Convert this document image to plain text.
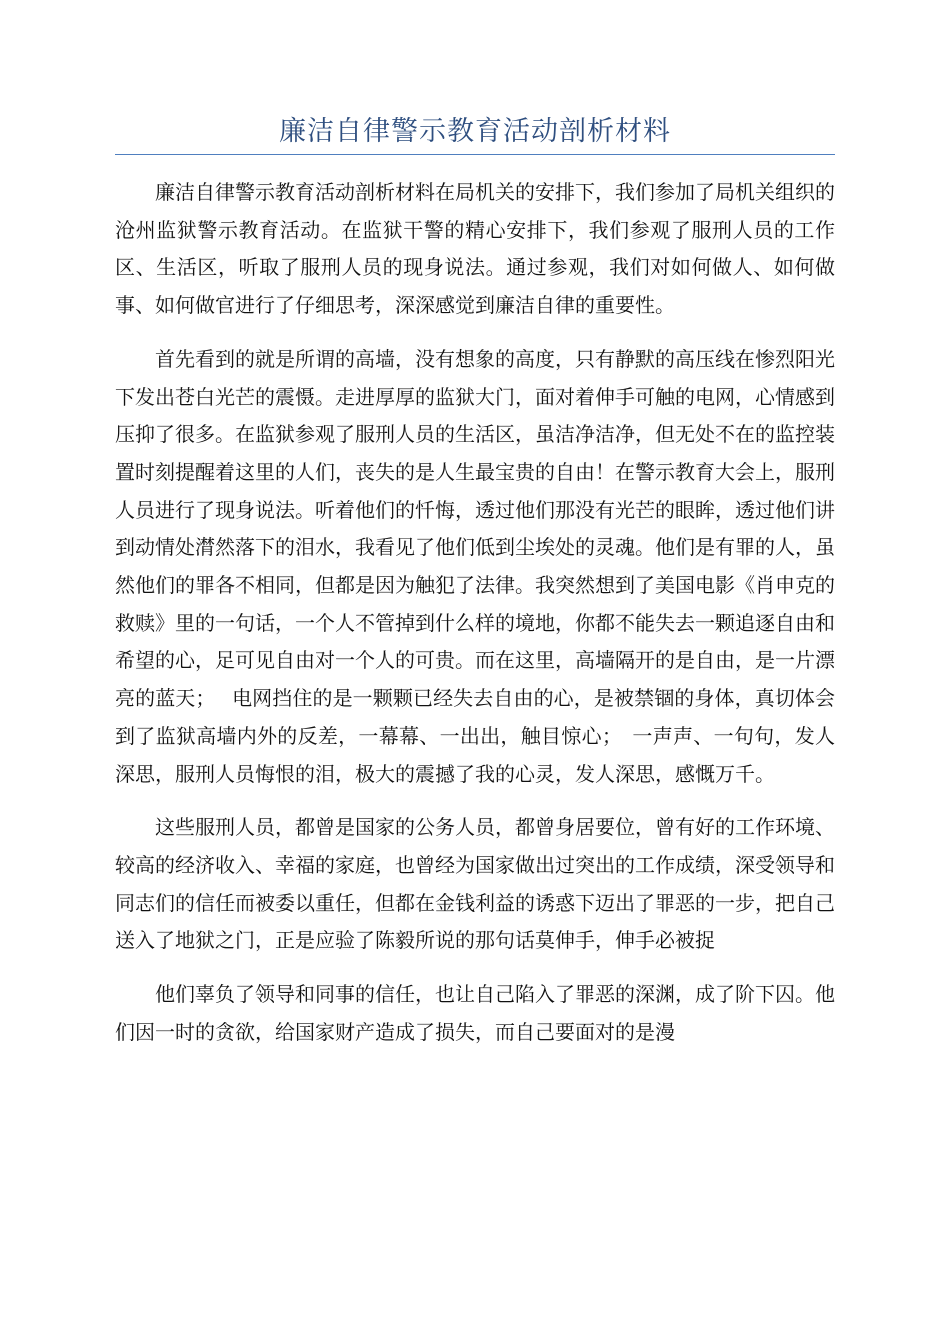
廉洁自律警示教育活动剖析材料

廉洁自律警示教育活动剖析材料在局机关的安排下，我们参加了局机关组织的沧州监狱警示教育活动。在监狱干警的精心安排下，我们参观了服刑人员的工作区、生活区，听取了服刑人员的现身说法。通过参观，我们对如何做人、如何做事、如何做官进行了仔细思考，深深感觉到廉洁自律的重要性。

首先看到的就是所谓的高墙，没有想象的高度，只有静默的高压线在惨烈阳光下发出苍白光芒的震慑。走进厚厚的监狱大门，面对着伸手可触的电网，心情感到压抑了很多。在监狱参观了服刑人员的生活区，虽洁净洁净，但无处不在的监控装置时刻提醒着这里的人们，丧失的是人生最宝贵的自由！在警示教育大会上，服刑人员进行了现身说法。听着他们的忏悔，透过他们那没有光芒的眼眸，透过他们讲到动情处潸然落下的泪水，我看见了他们低到尘埃处的灵魂。他们是有罪的人，虽然他们的罪各不相同，但都是因为触犯了法律。我突然想到了美国电影《肖申克的救赎》里的一句话，一个人不管掉到什么样的境地，你都不能失去一颗追逐自由和希望的心，足可见自由对一个人的可贵。而在这里，高墙隔开的是自由，是一片漂亮的蓝天；　 电网挡住的是一颗颗已经失去自由的心，是被禁锢的身体，真切体会到了监狱高墙内外的反差，一幕幕、一出出，触目惊心；　一声声、一句句，发人深思，服刑人员悔恨的泪，极大的震撼了我的心灵，发人深思，感慨万千。

这些服刑人员，都曾是国家的公务人员，都曾身居要位，曾有好的工作环境、较高的经济收入、幸福的家庭，也曾经为国家做出过突出的工作成绩，深受领导和同志们的信任而被委以重任，但都在金钱利益的诱惑下迈出了罪恶的一步，把自己送入了地狱之门，正是应验了陈毅所说的那句话莫伸手，伸手必被捉

他们辜负了领导和同事的信任，也让自己陷入了罪恶的深渊，成了阶下囚。他们因一时的贪欲，给国家财产造成了损失，而自己要面对的是漫
